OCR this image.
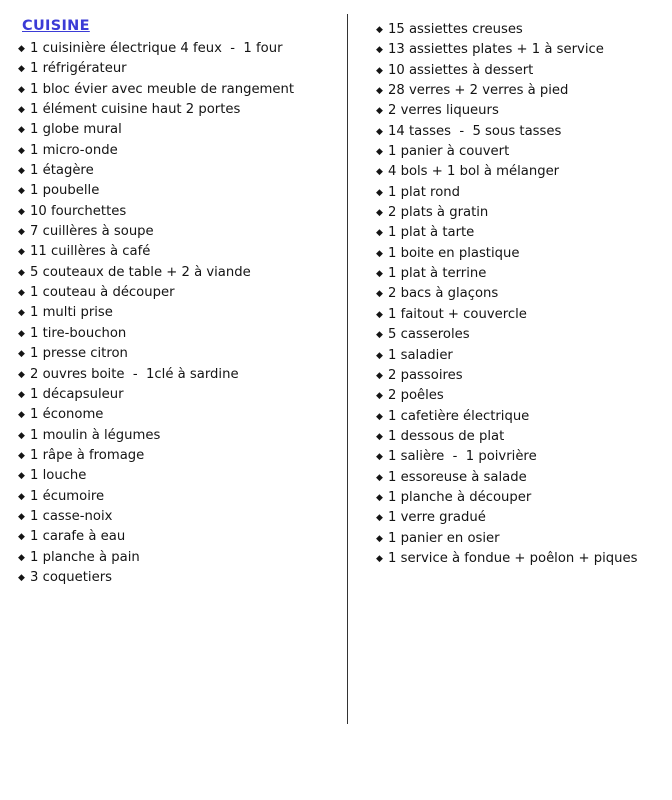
CUISINE
◆ 1 cuisinière électrique 4 feux  -  1 four
◆ 1 réfrigérateur
◆ 1 bloc évier avec meuble de rangement
◆ 1 élément cuisine haut 2 portes
◆ 1 globe mural
◆ 1 micro-onde
◆ 1 étagère
◆ 1 poubelle
◆ 10 fourchettes
◆ 7 cuillères à soupe
◆ 11 cuillères à café
◆ 5 couteaux de table + 2 à viande
◆ 1 couteau à découper
◆ 1 multi prise
◆ 1 tire-bouchon
◆ 1 presse citron
◆ 2 ouvres boite  -  1clé à sardine
◆ 1 décapsuleur
◆ 1 économe
◆ 1 moulin à légumes
◆ 1 râpe à fromage
◆ 1 louche
◆ 1 écumoire
◆ 1 casse-noix
◆ 1 carafe à eau
◆ 1 planche à pain
◆ 3 coquetiers
◆ 15 assiettes creuses
◆ 13 assiettes plates + 1 à service
◆ 10 assiettes à dessert
◆ 28 verres + 2 verres à pied
◆ 2 verres liqueurs
◆ 14 tasses  -  5 sous tasses
◆ 1 panier à couvert
◆ 4 bols + 1 bol à mélanger
◆ 1 plat rond
◆ 2 plats à gratin
◆ 1 plat à tarte
◆ 1 boite en plastique
◆ 1 plat à terrine
◆ 2 bacs à glaçons
◆ 1 faitout + couvercle
◆ 5 casseroles
◆ 1 saladier
◆ 2 passoires
◆ 2 poêles
◆ 1 cafetière électrique
◆ 1 dessous de plat
◆ 1 salière  -  1 poivrière
◆ 1 essoreuse à salade
◆ 1 planche à découper
◆ 1 verre gradué
◆ 1 panier en osier
◆ 1 service à fondue + poêlon + piques
